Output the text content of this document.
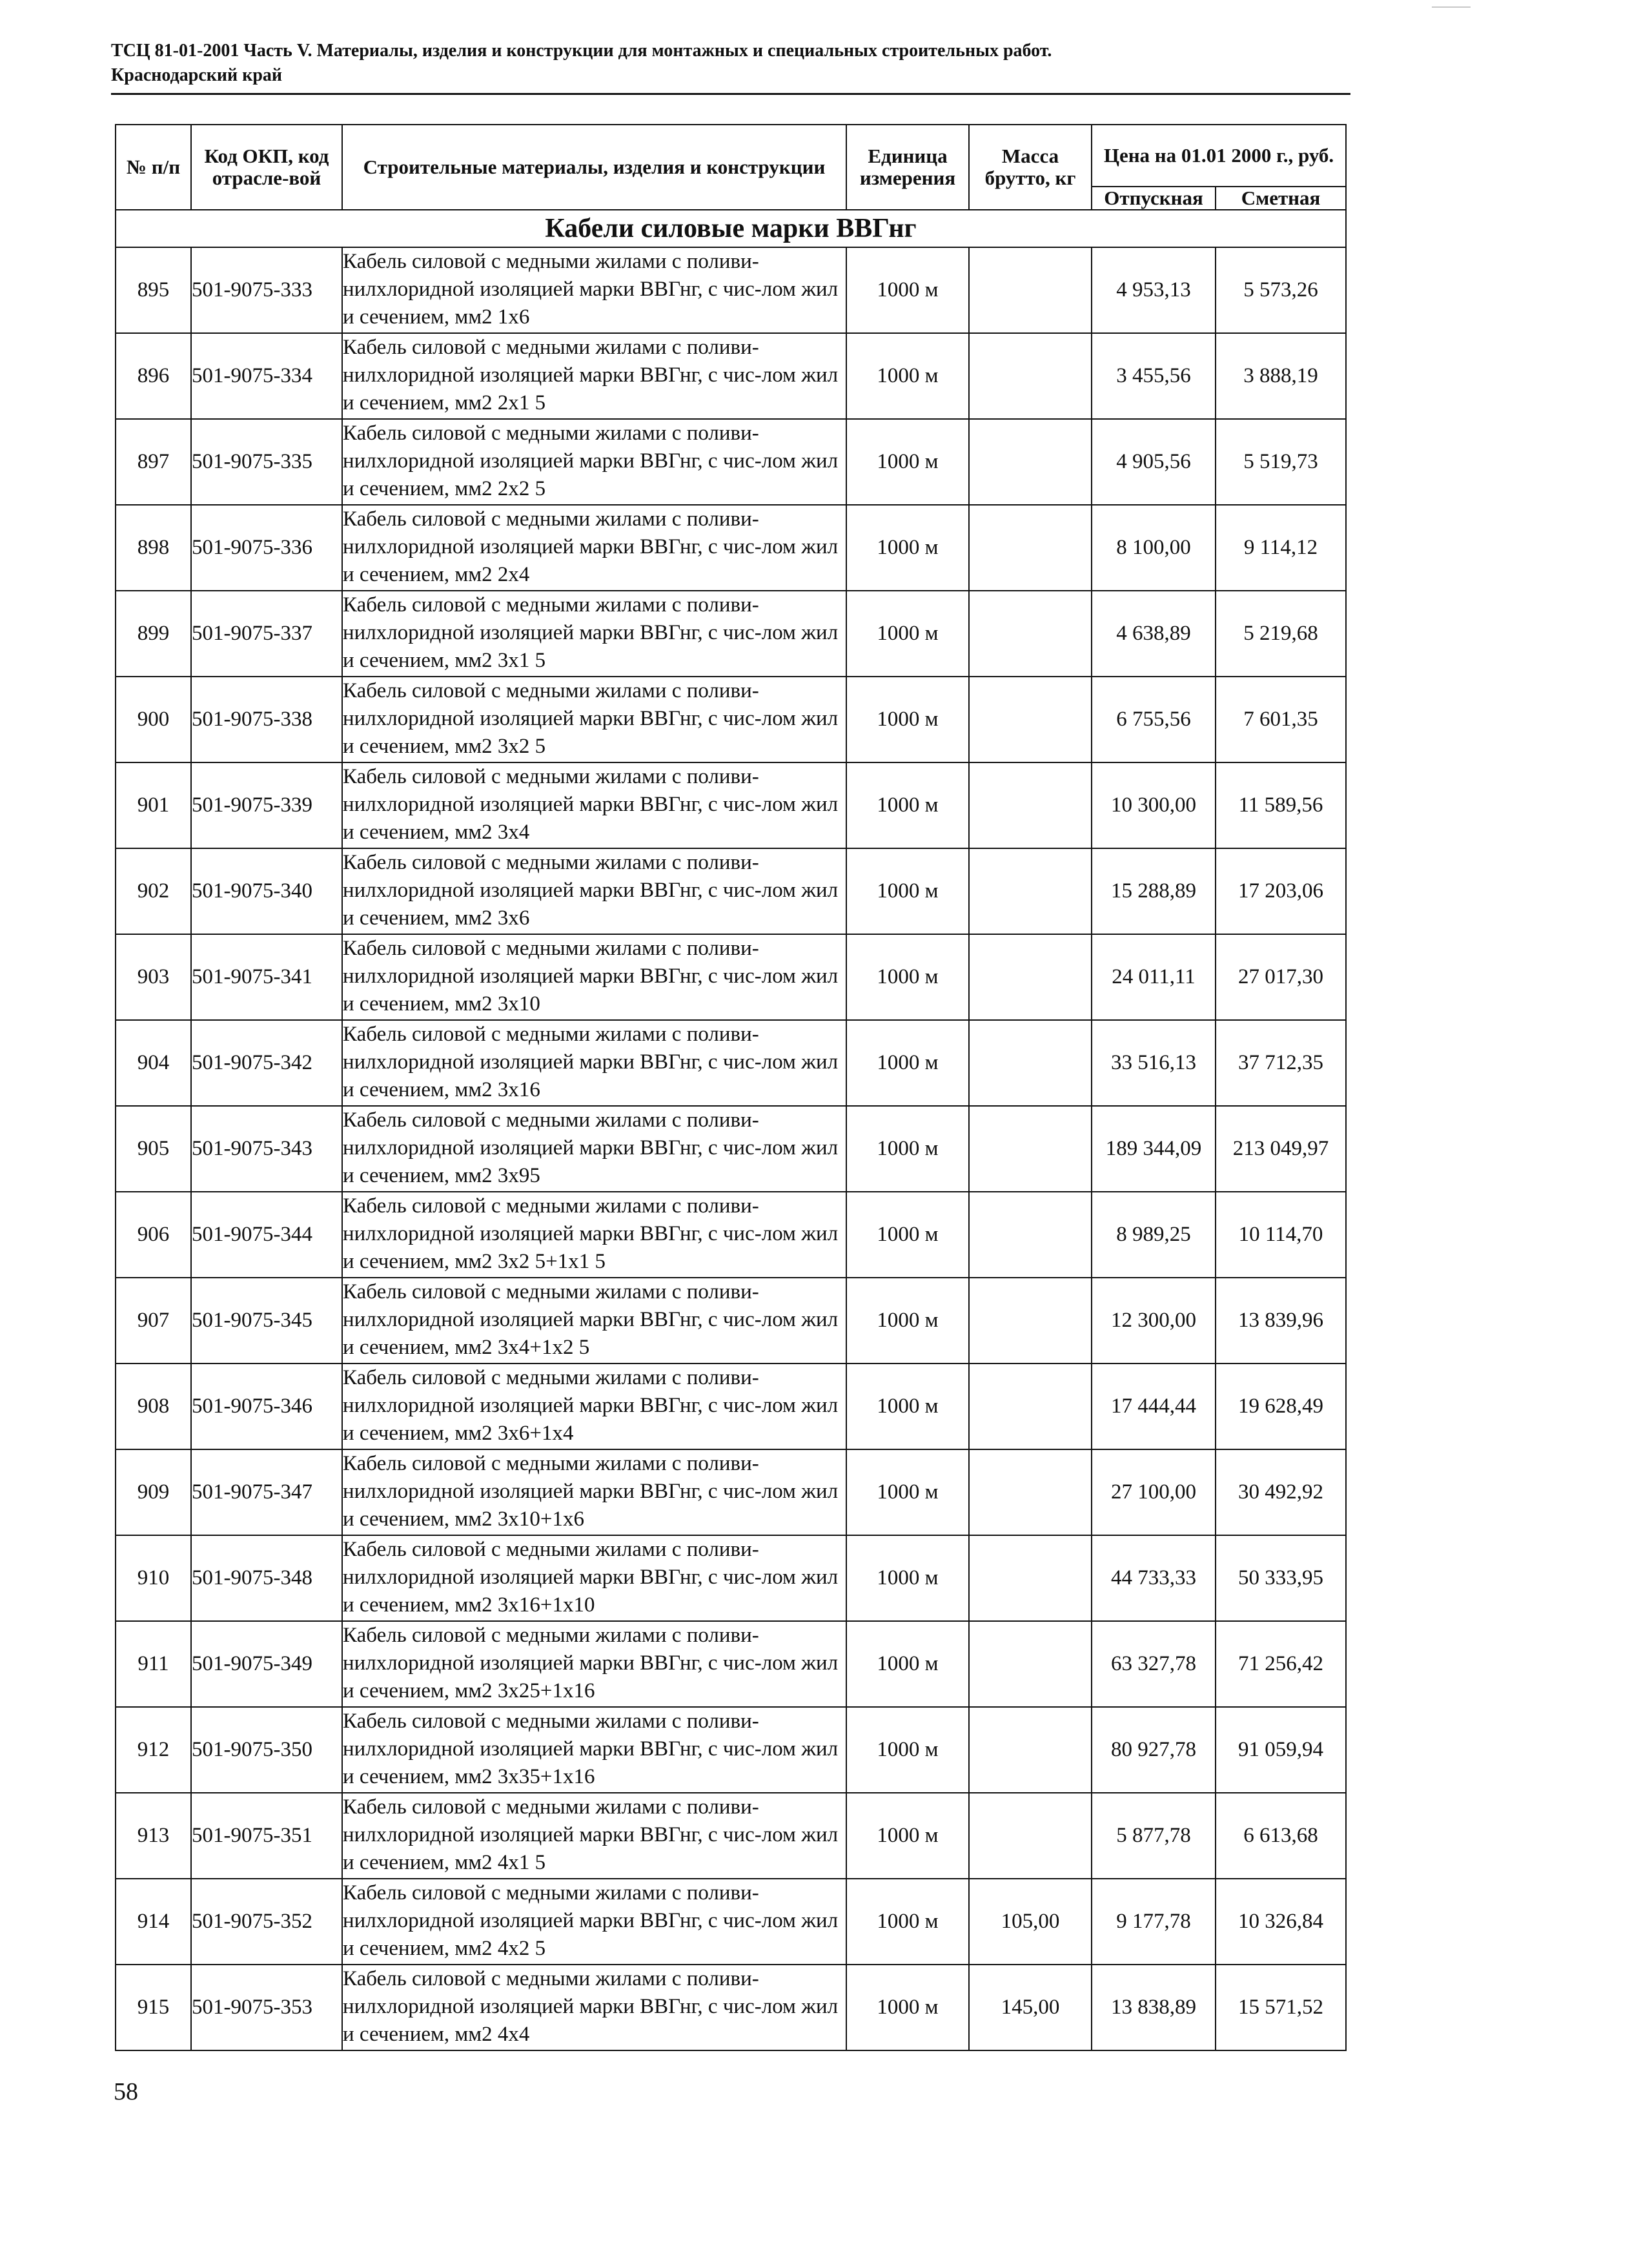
ТСЦ 81-01-2001 Часть V. Материалы, изделия и конструкции для монтажных и специальных строительных работ.
Краснодарский край
№ п/п	Код ОКП, код отрасле-вой	Строительные материалы, изделия и конструкции	Единица измерения	Масса брутто, кг	Цена на 01.01 2000 г., руб.	
					Отпускная	Сметная
Кабели силовые марки ВВГнг						
895	501-9075-333	Кабель силовой с медными жилами с поливи-нилхлоридной изоляцией марки ВВГнг, с чис-лом жил и сечением, мм2 1х6	1000 м		4 953,13	5 573,26
896	501-9075-334	Кабель силовой с медными жилами с поливи-нилхлоридной изоляцией марки ВВГнг, с чис-лом жил и сечением, мм2 2х1 5	1000 м		3 455,56	3 888,19
897	501-9075-335	Кабель силовой с медными жилами с поливи-нилхлоридной изоляцией марки ВВГнг, с чис-лом жил и сечением, мм2 2х2 5	1000 м		4 905,56	5 519,73
898	501-9075-336	Кабель силовой с медными жилами с поливи-нилхлоридной изоляцией марки ВВГнг, с чис-лом жил и сечением, мм2 2х4	1000 м		8 100,00	9 114,12
899	501-9075-337	Кабель силовой с медными жилами с поливи-нилхлоридной изоляцией марки ВВГнг, с чис-лом жил и сечением, мм2 3х1 5	1000 м		4 638,89	5 219,68
900	501-9075-338	Кабель силовой с медными жилами с поливи-нилхлоридной изоляцией марки ВВГнг, с чис-лом жил и сечением, мм2 3х2 5	1000 м		6 755,56	7 601,35
901	501-9075-339	Кабель силовой с медными жилами с поливи-нилхлоридной изоляцией марки ВВГнг, с чис-лом жил и сечением, мм2 3х4	1000 м		10 300,00	11 589,56
902	501-9075-340	Кабель силовой с медными жилами с поливи-нилхлоридной изоляцией марки ВВГнг, с чис-лом жил и сечением, мм2 3х6	1000 м		15 288,89	17 203,06
903	501-9075-341	Кабель силовой с медными жилами с поливи-нилхлоридной изоляцией марки ВВГнг, с чис-лом жил и сечением, мм2 3х10	1000 м		24 011,11	27 017,30
904	501-9075-342	Кабель силовой с медными жилами с поливи-нилхлоридной изоляцией марки ВВГнг, с чис-лом жил и сечением, мм2 3х16	1000 м		33 516,13	37 712,35
905	501-9075-343	Кабель силовой с медными жилами с поливи-нилхлоридной изоляцией марки ВВГнг, с чис-лом жил и сечением, мм2 3х95	1000 м		189 344,09	213 049,97
906	501-9075-344	Кабель силовой с медными жилами с поливи-нилхлоридной изоляцией марки ВВГнг, с чис-лом жил и сечением, мм2 3х2 5+1х1 5	1000 м		8 989,25	10 114,70
907	501-9075-345	Кабель силовой с медными жилами с поливи-нилхлоридной изоляцией марки ВВГнг, с чис-лом жил и сечением, мм2 3х4+1х2 5	1000 м		12 300,00	13 839,96
908	501-9075-346	Кабель силовой с медными жилами с поливи-нилхлоридной изоляцией марки ВВГнг, с чис-лом жил и сечением, мм2 3х6+1х4	1000 м		17 444,44	19 628,49
909	501-9075-347	Кабель силовой с медными жилами с поливи-нилхлоридной изоляцией марки ВВГнг, с чис-лом жил и сечением, мм2 3х10+1х6	1000 м		27 100,00	30 492,92
910	501-9075-348	Кабель силовой с медными жилами с поливи-нилхлоридной изоляцией марки ВВГнг, с чис-лом жил и сечением, мм2 3х16+1х10	1000 м		44 733,33	50 333,95
911	501-9075-349	Кабель силовой с медными жилами с поливи-нилхлоридной изоляцией марки ВВГнг, с чис-лом жил и сечением, мм2 3х25+1х16	1000 м		63 327,78	71 256,42
912	501-9075-350	Кабель силовой с медными жилами с поливи-нилхлоридной изоляцией марки ВВГнг, с чис-лом жил и сечением, мм2 3х35+1х16	1000 м		80 927,78	91 059,94
913	501-9075-351	Кабель силовой с медными жилами с поливи-нилхлоридной изоляцией марки ВВГнг, с чис-лом жил и сечением, мм2 4х1 5	1000 м		5 877,78	6 613,68
914	501-9075-352	Кабель силовой с медными жилами с поливи-нилхлоридной изоляцией марки ВВГнг, с чис-лом жил и сечением, мм2 4х2 5	1000 м	105,00	9 177,78	10 326,84
915	501-9075-353	Кабель силовой с медными жилами с поливи-нилхлоридной изоляцией марки ВВГнг, с чис-лом жил и сечением, мм2 4х4	1000 м	145,00	13 838,89	15 571,52
58
